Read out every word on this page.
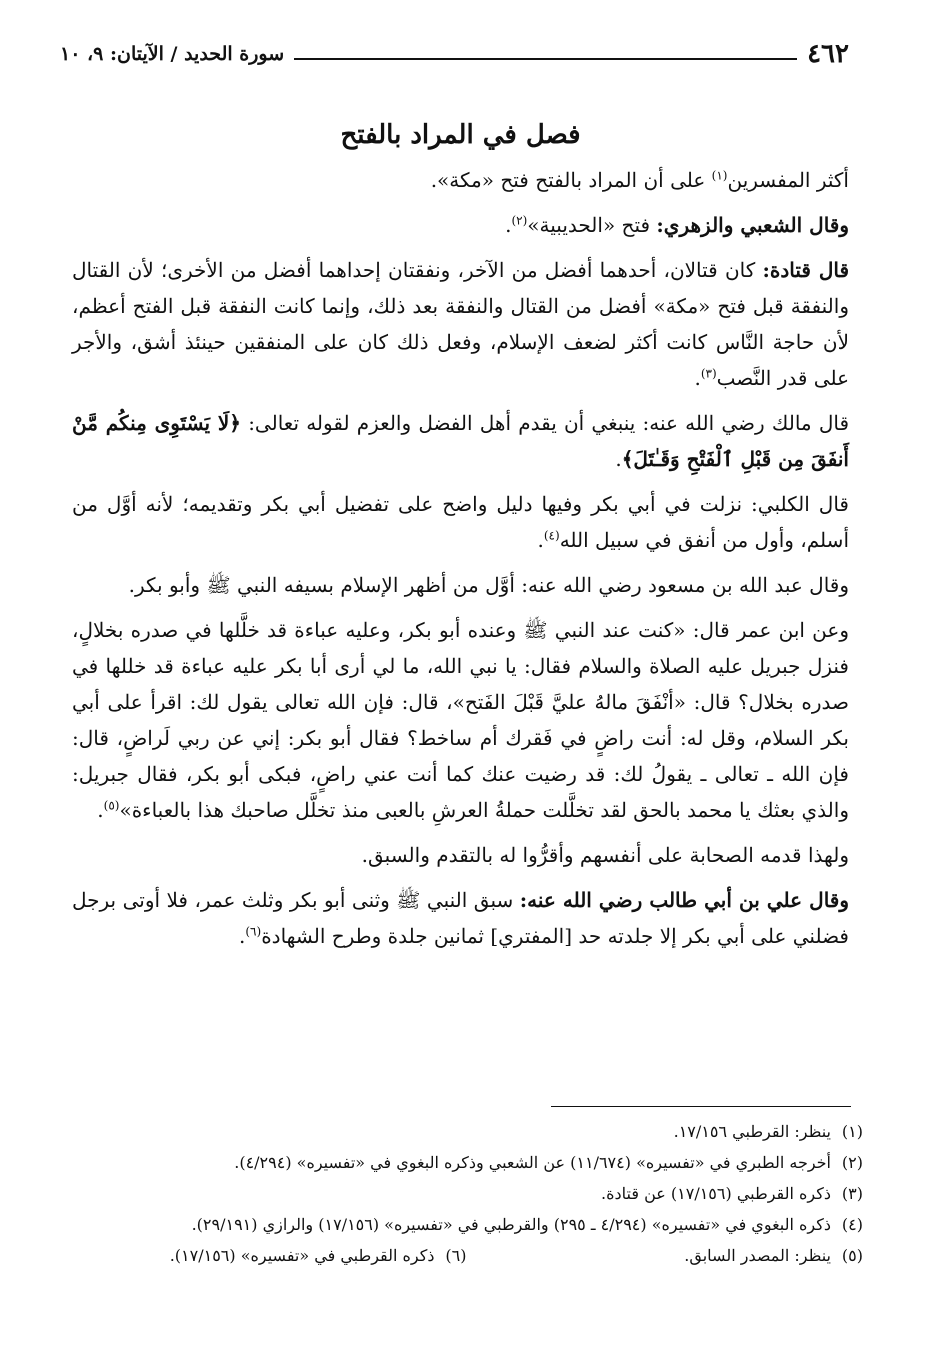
٤٦٢
سورة الحديد / الآيتان: ٩، ١٠
فصل في المراد بالفتح

أكثر المفسرين$^{(١)}$ على أن المراد بالفتح فتح «مكة».

وقال الشعبي والزهري: فتح «الحديبية»$^{(٢)}$.

قال قتادة: كان قتالان، أحدهما أفضل من الآخر، ونفقتان إحداهما أفضل من الأخرى؛ لأن القتال والنفقة قبل فتح «مكة» أفضل من القتال والنفقة بعد ذلك، وإنما كانت النفقة قبل الفتح أعظم، لأن حاجة النَّاس كانت أكثر لضعف الإسلام، وفعل ذلك كان على المنفقين حينئذ أشق، والأجر على قدر النَّصب$^{(٣)}$.

قال مالك رضي الله عنه: ينبغي أن يقدم أهل الفضل والعزم لقوله تعالى: ﴿لَا يَسْتَوِى مِنكُم مَّنْ أَنفَقَ مِن قَبْلِ ٱلْفَتْحِ وَقَـٰتَلَ﴾.

قال الكلبي: نزلت في أبي بكر وفيها دليل واضح على تفضيل أبي بكر وتقديمه؛ لأنه أوَّل من أسلم، وأول من أنفق في سبيل الله$^{(٤)}$.

وقال عبد الله بن مسعود رضي الله عنه: أوَّل من أظهر الإسلام بسيفه النبي ﷺ وأبو بكر.

وعن ابن عمر قال: «كنت عند النبي ﷺ وعنده أبو بكر، وعليه عباءة قد خلَّلها في صدره بخلالٍ، فنزل جبريل عليه الصلاة والسلام فقال: يا نبي الله، ما لي أرى أبا بكر عليه عباءة قد خللها في صدره بخلال؟ قال: «أنْفَقَ مالهُ عليَّ قَبْلَ الفَتح»، قال: فإن الله تعالى يقول لك: اقرأ على أبي بكر السلام، وقل له: أنت راضٍ في فَقرك أم ساخط؟ فقال أبو بكر: إني عن ربي لَراضٍ، قال: فإن الله ـ تعالى ـ يقولُ لك: قد رضيت عنك كما أنت عني راضٍ، فبكى أبو بكر، فقال جبريل: والذي بعثك يا محمد بالحق لقد تخلَّلت حملةُ العرشِ بالعبى منذ تخلَّل صاحبك هذا بالعباءة»$^{(٥)}$.

ولهذا قدمه الصحابة على أنفسهم وأقرُّوا له بالتقدم والسبق.

وقال علي بن أبي طالب رضي الله عنه: سبق النبي ﷺ وثنى أبو بكر وثلث عمر، فلا أوتى برجل فضلني على أبي بكر إلا جلدته حد [المفتري] ثمانين جلدة وطرح الشهادة$^{(٦)}$.

(١)
ينظر: القرطبي ١٧/١٥٦.

(٢)
أخرجه الطبري في «تفسيره» (١١/٦٧٤) عن الشعبي وذكره البغوي في «تفسيره» (٤/٢٩٤).

(٣)
ذكره القرطبي (١٧/١٥٦) عن قتادة.

(٤)
ذكره البغوي في «تفسيره» (٤/٢٩٤ ـ ٢٩٥) والقرطبي في «تفسيره» (١٧/١٥٦) والرازي (٢٩/١٩١).

(٥)
ينظر: المصدر السابق.

(٦)
ذكره القرطبي في «تفسيره» (١٧/١٥٦).
